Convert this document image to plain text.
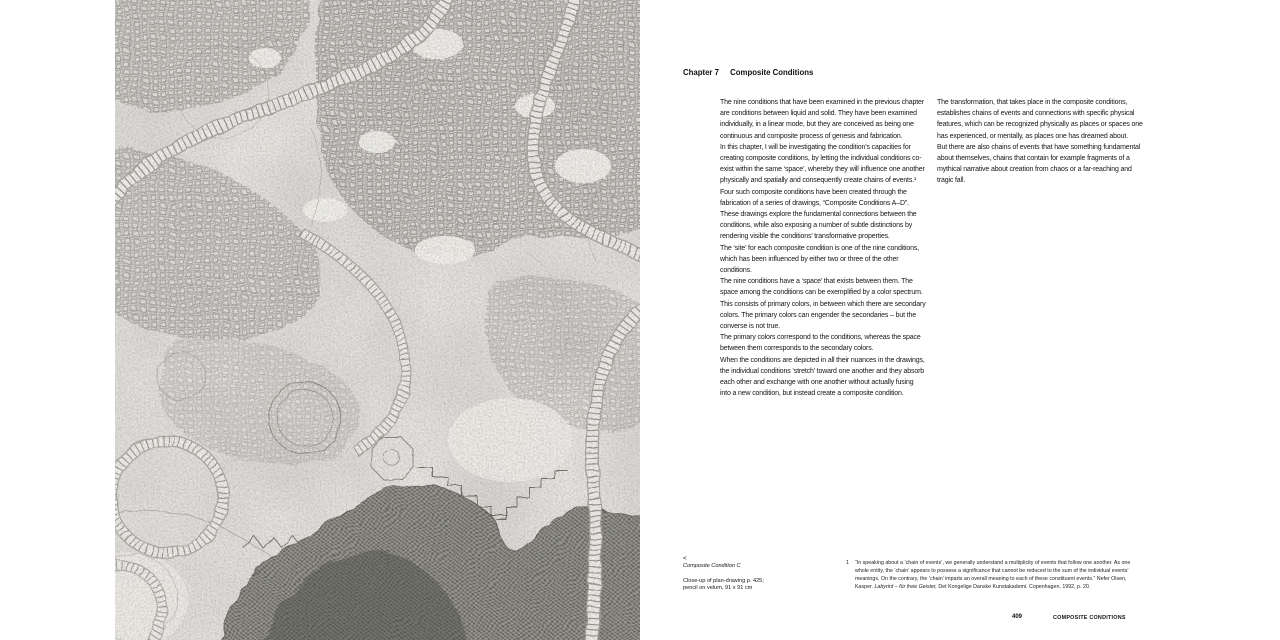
Chapter 7 Composite Conditions

The nine conditions that have been examined in the previous chapter are conditions between liquid and solid. They have been examined individually, in a linear mode, but they are conceived as being one continuous and composite process of genesis and fabrication.

In this chapter, I will be investigating the condition’s capacities for creating composite conditions, by letting the individual conditions co-exist within the same ‘space’, whereby they will influence one another physically and spatially and consequently create chains of events.¹

Four such composite conditions have been created through the fabrication of a series of drawings, “Composite Conditions A–D”. These drawings explore the fundamental connections between the conditions, while also exposing a number of subtle distinctions by rendering visible the conditions’ transformative properties.

The ‘site’ for each composite condition is one of the nine conditions, which has been influenced by either two or three of the other conditions.

The nine conditions have a ‘space’ that exists between them. The space among the conditions can be exemplified by a color spectrum. This consists of primary colors, in between which there are secondary colors. The primary colors can engender the secondaries – but the converse is not true.

The primary colors correspond to the conditions, whereas the space between them corresponds to the secondary colors.

When the conditions are depicted in all their nuances in the drawings, the individual conditions ‘stretch’ toward one another and they absorb each other and exchange with one another without actually fusing into a new condition, but instead create a composite condition.

The transformation, that takes place in the composite conditions, establishes chains of events and connections with specific physical features, which can be recognized physically as places or spaces one has experienced, or mentally, as places one has dreamed about.

But there are also chains of events that have something fundamental about themselves, chains that contain for example fragments of a mythical narrative about creation from chaos or a far-reaching and tragic fall.

<
Composite Condition C
Close-up of plan-drawing p. 425;
pencil on velum, 91 x 91 cm
1	“In speaking about a ‘chain of events’, we generally understand a multiplicity of events that follow one another. As one whole entity, the ‘chain’ appears to possess a significance that cannot be reduced to the sum of the individual events’ meanings. On the contrary, the ‘chain’ imparts an overall meaning to each of these constituent events.” Nefer Olsen, Kasper. Labyrint – für freie Geister, Det Kongelige Danske Kunstakademi. Copenhagen, 1992, p. 20.
409	COMPOSITE CONDITIONS
